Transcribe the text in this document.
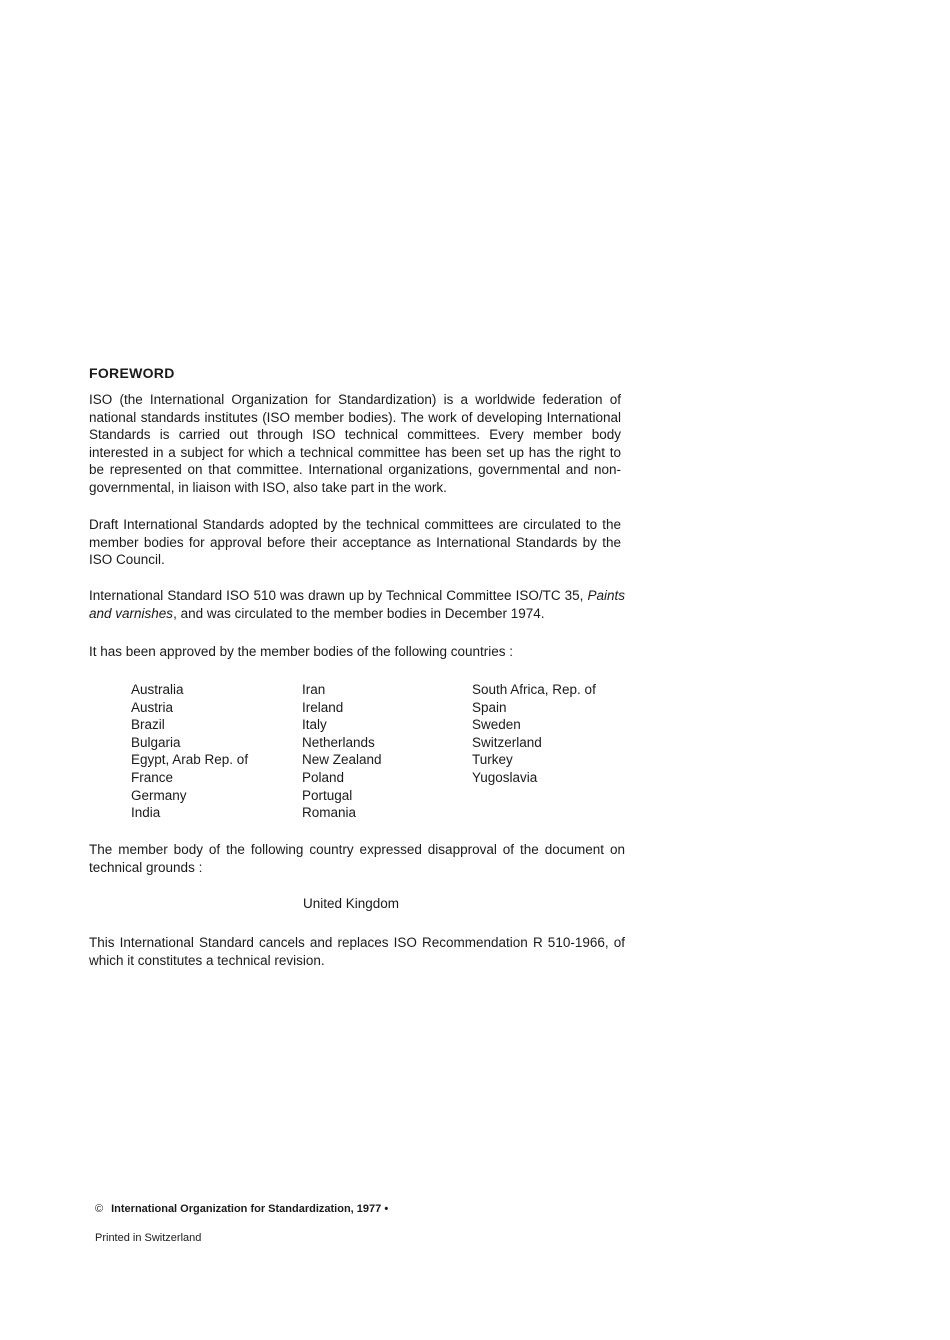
FOREWORD

ISO (the International Organization for Standardization) is a worldwide federation of national standards institutes (ISO member bodies). The work of developing International Standards is carried out through ISO technical committees. Every member body interested in a subject for which a technical committee has been set up has the right to be represented on that committee. International organizations, governmental and non-governmental, in liaison with ISO, also take part in the work.

Draft International Standards adopted by the technical committees are circulated to the member bodies for approval before their acceptance as International Standards by the ISO Council.

International Standard ISO 510 was drawn up by Technical Committee ISO/TC 35, Paints and varnishes, and was circulated to the member bodies in December 1974.

It has been approved by the member bodies of the following countries :

Australia
Austria
Brazil
Bulgaria
Egypt, Arab Rep. of
France
Germany
India
Iran
Ireland
Italy
Netherlands
New Zealand
Poland
Portugal
Romania
South Africa, Rep. of
Spain
Sweden
Switzerland
Turkey
Yugoslavia

The member body of the following country expressed disapproval of the document on technical grounds :

United Kingdom

This International Standard cancels and replaces ISO Recommendation R 510-1966, of which it constitutes a technical revision.

© International Organization for Standardization, 1977 •
Printed in Switzerland
